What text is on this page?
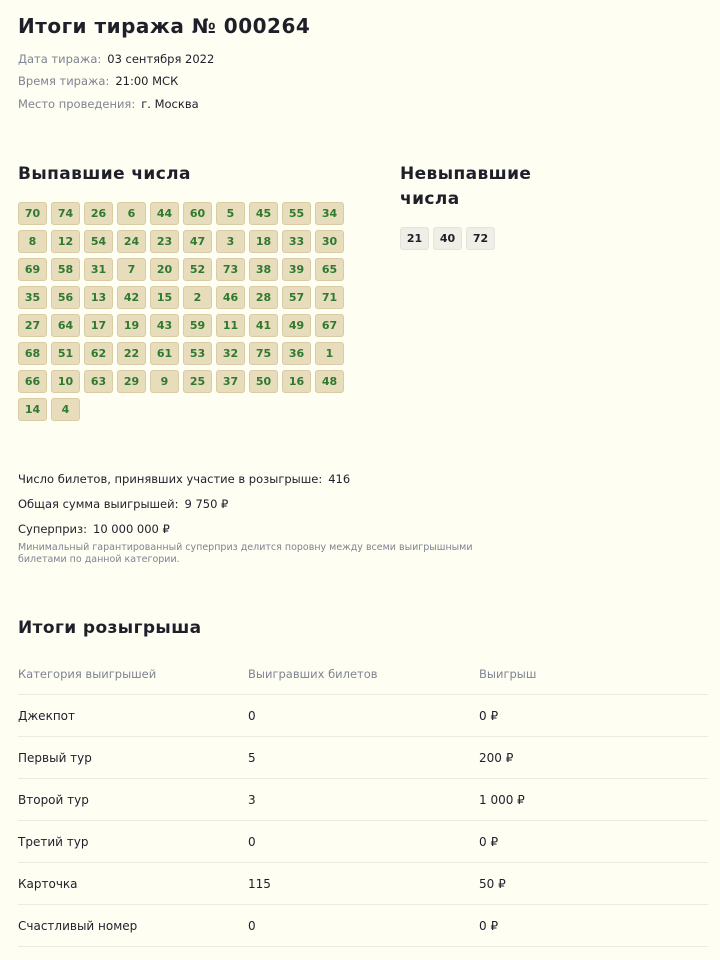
Итоги тиража № 000264
Дата тиража: 03 сентября 2022
Время тиража: 21:00 МСК
Место проведения: г. Москва
Выпавшие числа
70	74	26	6	44	60	5	45	55	34
8	12	54	24	23	47	3	18	33	30
69	58	31	7	20	52	73	38	39	65
35	56	13	42	15	2	46	28	57	71
27	64	17	19	43	59	11	41	49	67
68	51	62	22	61	53	32	75	36	1
66	10	63	29	9	25	37	50	16	48
14	4
Невыпавшие
числа
21	40	72
Число билетов, принявших участие в розыгрыше: 416
Общая сумма выигрышей: 9 750 ₽
Суперприз: 10 000 000 ₽
Минимальный гарантированный суперприз делится поровну между всеми выигрышными билетами по данной категории.
Итоги розыгрыша
Категория выигрышей	Выигравших билетов	Выигрыш
Джекпот	0	0 ₽
Первый тур	5	200 ₽
Второй тур	3	1 000 ₽
Третий тур	0	0 ₽
Карточка	115	50 ₽
Счастливый номер	0	0 ₽
